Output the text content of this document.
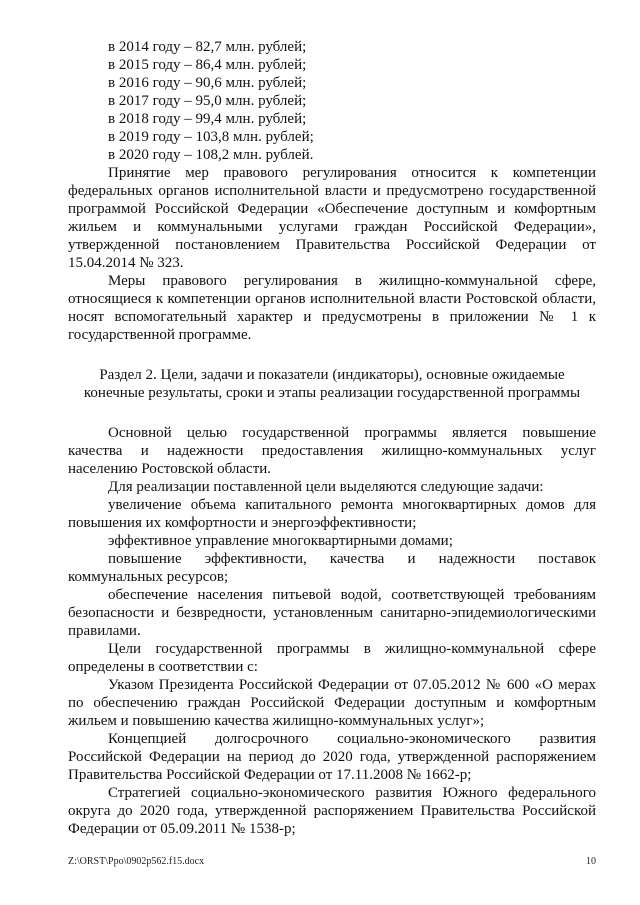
в 2014 году – 82,7 млн. рублей;

в 2015 году – 86,4 млн. рублей;

в 2016 году – 90,6 млн. рублей;

в 2017 году – 95,0 млн. рублей;

в 2018 году – 99,4 млн. рублей;

в 2019 году – 103,8 млн. рублей;

в 2020 году – 108,2 млн. рублей.

Принятие мер правового регулирования относится к компетенции федеральных органов исполнительной власти и предусмотрено государственной программой Российской Федерации «Обеспечение доступным и комфортным жильем и коммунальными услугами граждан Российской Федерации», утвержденной постановлением Правительства Российской Федерации от 15.04.2014 № 323.

Меры правового регулирования в жилищно-коммунальной сфере, относящиеся к компетенции органов исполнительной власти Ростовской области, носят вспомогательный характер и предусмотрены в приложении № 1 к государственной программе.

Раздел 2. Цели, задачи и показатели (индикаторы), основные ожидаемые

конечные результаты, сроки и этапы реализации государственной программы

Основной целью государственной программы является повышение качества и надежности предоставления жилищно-коммунальных услуг населению Ростовской области.

Для реализации поставленной цели выделяются следующие задачи:

увеличение объема капитального ремонта многоквартирных домов для повышения их комфортности и энергоэффективности;

эффективное управление многоквартирными домами;

повышение эффективности, качества и надежности поставок коммунальных ресурсов;

обеспечение населения питьевой водой, соответствующей требованиям безопасности и безвредности, установленным санитарно-эпидемиологическими правилами.

Цели государственной программы в жилищно-коммунальной сфере определены в соответствии с:

Указом Президента Российской Федерации от 07.05.2012 № 600 «О мерах по обеспечению граждан Российской Федерации доступным и комфортным жильем и повышению качества жилищно-коммунальных услуг»;

Концепцией долгосрочного социально-экономического развития Российской Федерации на период до 2020 года, утвержденной распоряжением Правительства Российской Федерации от 17.11.2008 № 1662-р;

Стратегией социально-экономического развития Южного федерального округа до 2020 года, утвержденной распоряжением Правительства Российской Федерации от 05.09.2011 № 1538-р;

Z:\ORST\Ppo\0902p562.f15.docx	10
